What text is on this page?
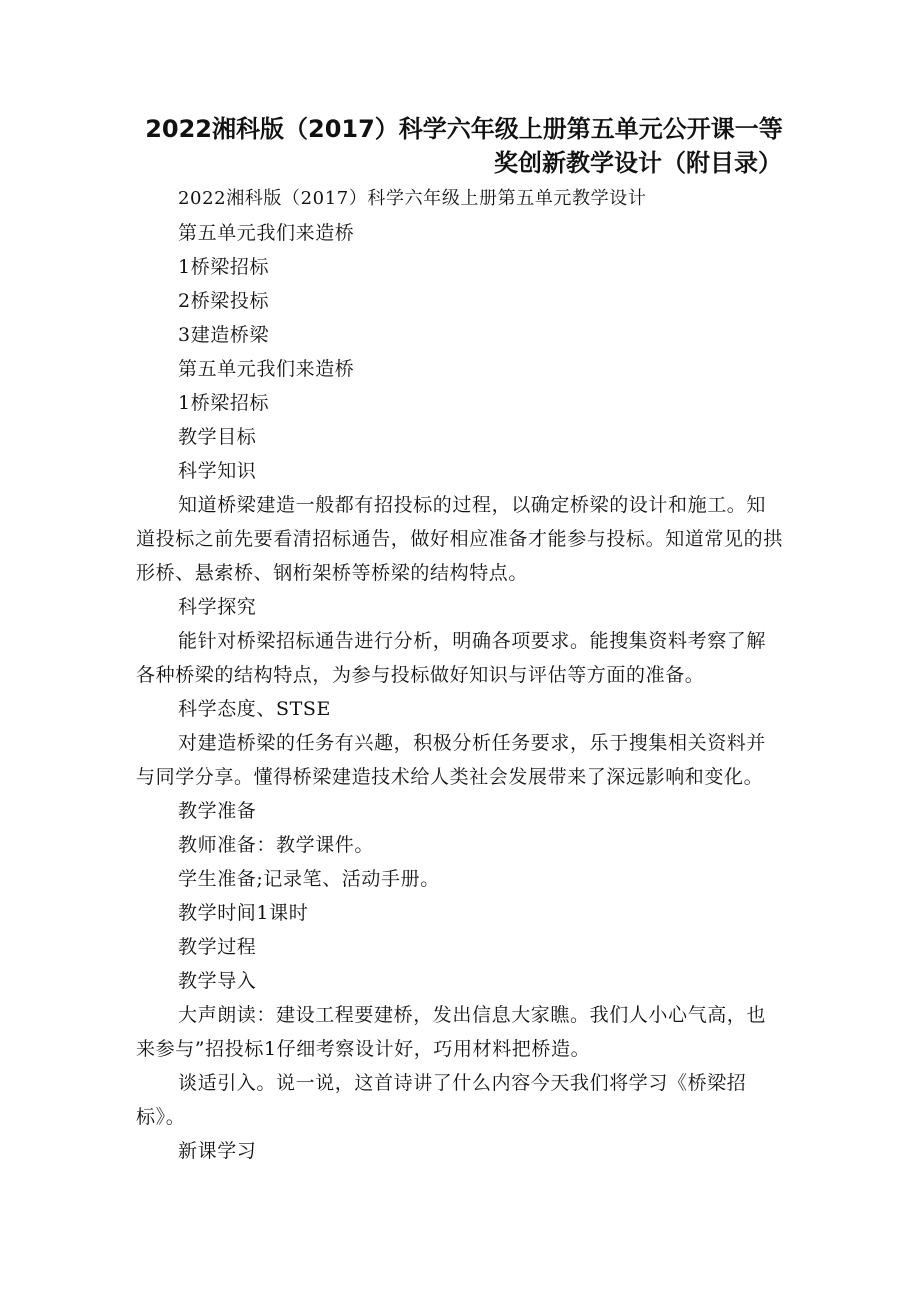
2022湘科版（2017）科学六年级上册第五单元公开课一等
奖创新教学设计（附目录）

2022湘科版（2017）科学六年级上册第五单元教学设计

第五单元我们来造桥

1桥梁招标

2桥梁投标

3建造桥梁

第五单元我们来造桥

1桥梁招标

教学目标

科学知识

知道桥梁建造一般都有招投标的过程，以确定桥梁的设计和施工。知道投标之前先要看清招标通告，做好相应准备才能参与投标。知道常见的拱形桥、悬索桥、钢桁架桥等桥梁的结构特点。

科学探究

能针对桥梁招标通告进行分析，明确各项要求。能搜集资料考察了解各种桥梁的结构特点，为参与投标做好知识与评估等方面的准备。

科学态度、STSE

对建造桥梁的任务有兴趣，积极分析任务要求，乐于搜集相关资料并与同学分享。懂得桥梁建造技术给人类社会发展带来了深远影响和变化。

教学准备

教师准备：教学课件。

学生准备;记录笔、活动手册。

教学时间1课时

教学过程

教学导入

大声朗读：建设工程要建桥，发出信息大家瞧。我们人小心气高，也来参与”招投标1仔细考察设计好，巧用材料把桥造。

谈适引入。说一说，这首诗讲了什么内容今天我们将学习《桥梁招标》。

新课学习
